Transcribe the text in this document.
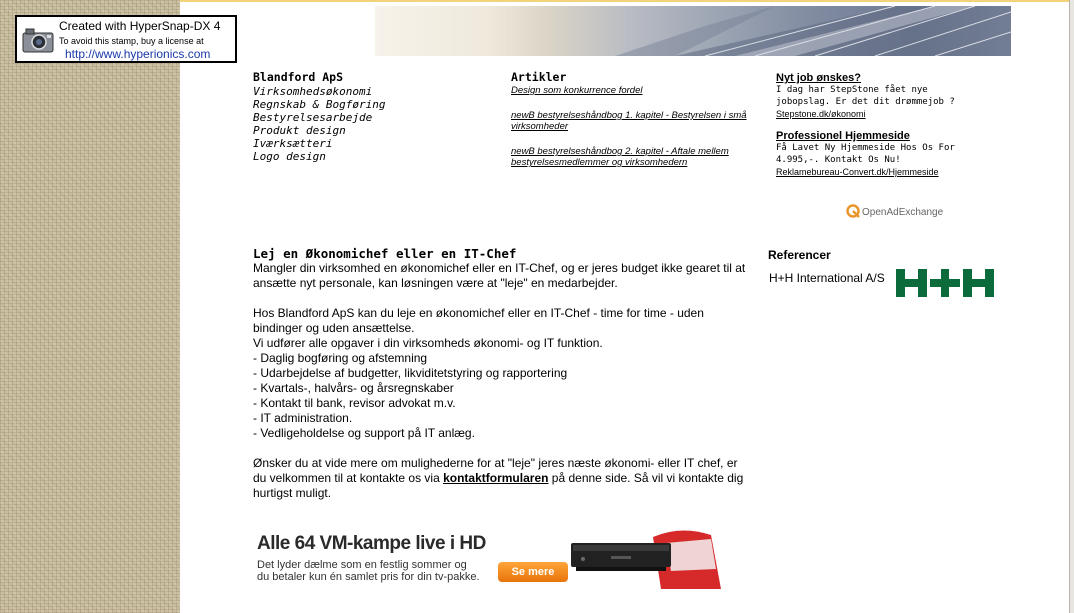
Created with HyperSnap-DX 4
To avoid this stamp, buy a license at
http://www.hyperionics.com
Blandford ApS
Virksomhedsøkonomi
Regnskab & Bogføring
Bestyrelsesarbejde
Produkt design
Iværksætteri
Logo design
Artikler
Design som konkurrence fordel
newB bestyrelseshåndbog 1. kapitel - Bestyrelsen i små virksomheder
newB bestyrelseshåndbog 2. kapitel - Aftale mellem bestyrelsesmedlemmer og virksomhedern
Nyt job ønskes?
I dag har StepStone fået nye jobopslag. Er det dit drømmejob ?
Stepstone.dk/økonomi
Professionel Hjemmeside
Få Lavet Ny Hjemmeside Hos Os For 4.995,-. Kontakt Os Nu!
Reklamebureau-Convert.dk/Hjemmeside
OpenAdExchange
Lej en Økonomichef eller en IT-Chef

Mangler din virksomhed en økonomichef eller en IT-Chef, og er jeres budget ikke gearet til at ansætte nyt personale, kan løsningen være at "leje" en medarbejder.

Hos Blandford ApS kan du leje en økonomichef eller en IT-Chef - time for time - uden bindinger og uden ansættelse.

Vi udfører alle opgaver i din virksomheds økonomi- og IT funktion.

- Daglig bogføring og afstemning

- Udarbejdelse af budgetter, likviditetstyring og rapportering

- Kvartals-, halvårs- og årsregnskaber

- Kontakt til bank, revisor advokat m.v.

- IT administration.

- Vedligeholdelse og support på IT anlæg.

Ønsker du at vide mere om mulighederne for at "leje" jeres næste økonomi- eller IT chef, er du velkommen til at kontakte os via kontaktformularen på denne side. Så vil vi kontakte dig hurtigst muligt.

Referencer
H+H International A/S
Alle 64 VM-kampe live i HD
Det lyder dælme som en festlig sommer og
du betaler kun én samlet pris for din tv-pakke.	Se mere
